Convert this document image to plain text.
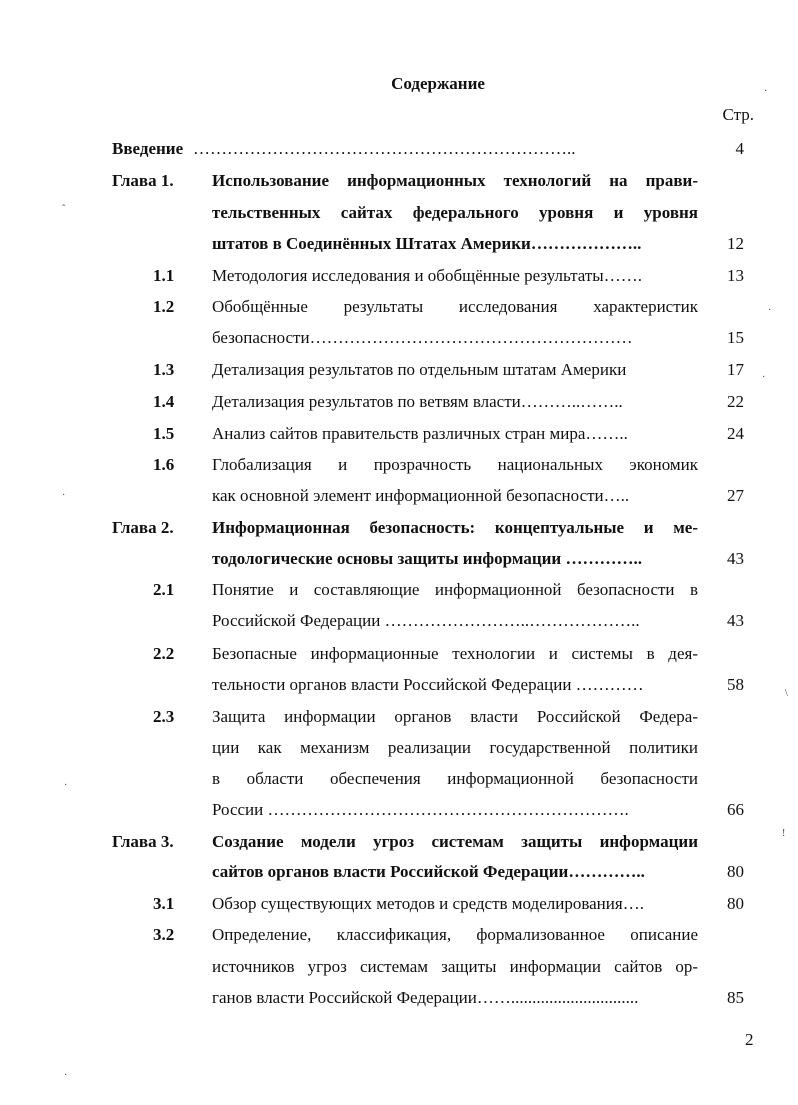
Содержание
Стр.
Введение …………………………………………………………..	4
Глава 1. Использование информационных технологий на прави-
тельственных сайтах федерального уровня и уровня
штатов в Соединённых Штатах Америки………………..	12
1.1 Методология исследования и обобщённые результаты…….	13
1.2 Обобщённые результаты исследования характеристик
безопасности…………………………………………………	15
1.3 Детализация результатов по отдельным штатам Америки	17
1.4 Детализация результатов по ветвям власти………..……..	22
1.5 Анализ сайтов правительств различных стран мира……..	24
1.6 Глобализация и прозрачность национальных экономик
как основной элемент информационной безопасности…..	27
Глава 2. Информационная безопасность: концептуальные и ме-
тодологические основы защиты информации …………..	43
2.1 Понятие и составляющие информационной безопасности в
Российской Федерации ……………………..………………..	43
2.2 Безопасные информационные технологии и системы в дея-
тельности органов власти Российской Федерации …………	58
2.3 Защита информации органов власти Российской Федера-
ции как механизм реализации государственной политики
в области обеспечения информационной безопасности
России ……………………………………………………….	66
Глава 3. Создание модели угроз системам защиты информации
сайтов органов власти Российской Федерации…………..	80
3.1 Обзор существующих методов и средств моделирования….	80
3.2 Определение, классификация, формализованное описание
источников угроз системам защиты информации сайтов ор-
ганов власти Российской Федерации……..............................	85
2
ˆ
·
·
·
·
·
·
\
!
